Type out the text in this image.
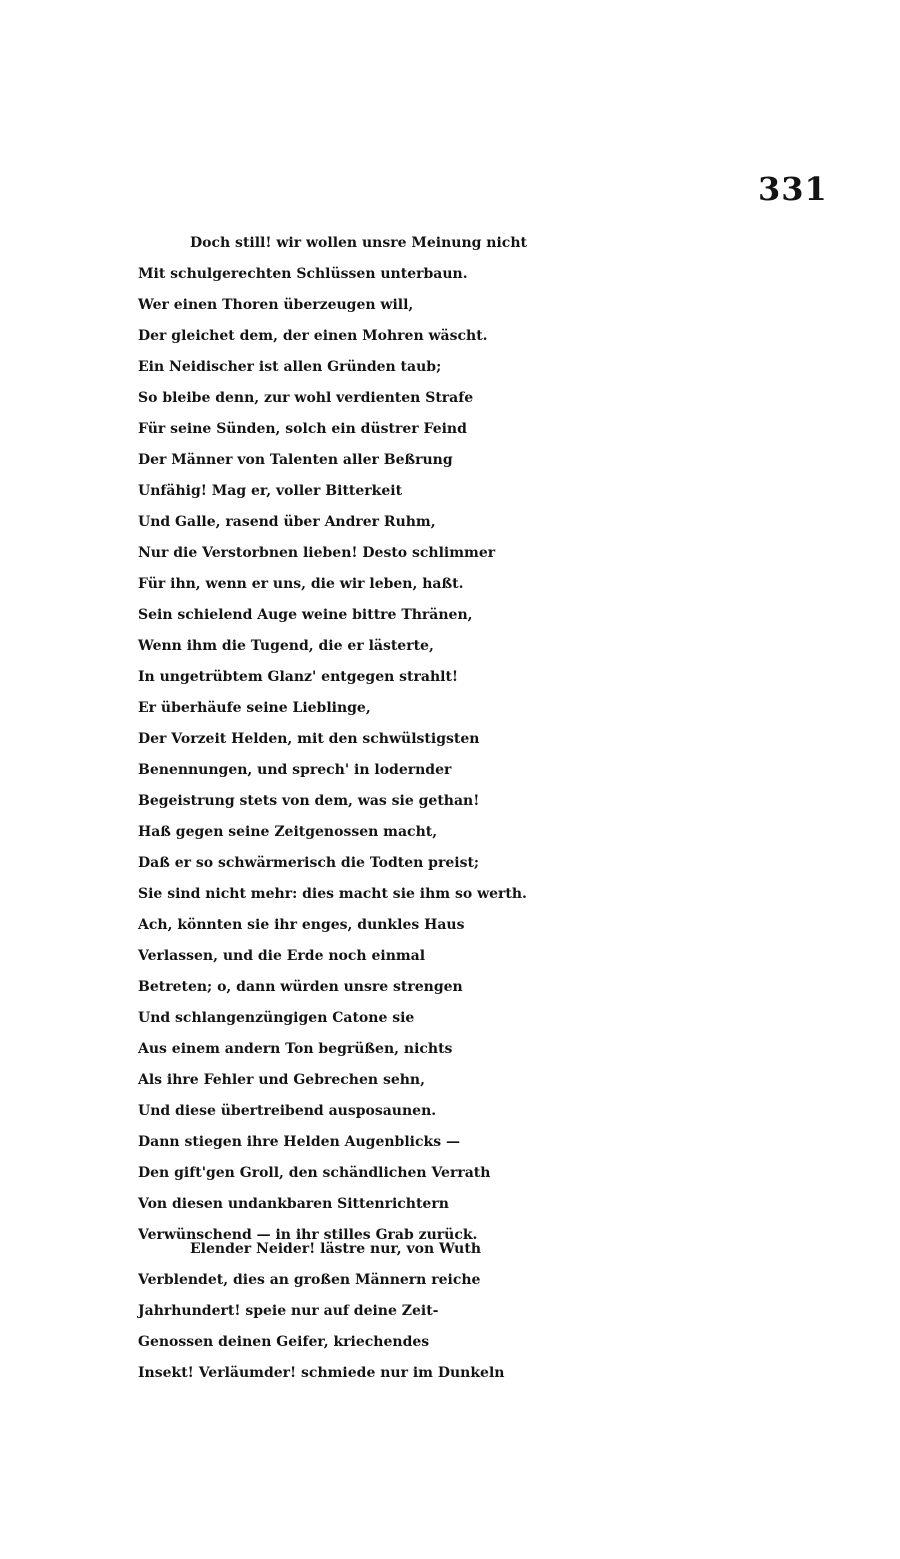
331
Doch still! wir wollen unsre Meinung nicht
Mit schulgerechten Schlüssen unterbaun.
Wer einen Thoren überzeugen will,
Der gleichet dem, der einen Mohren wäscht.
Ein Neidischer ist allen Gründen taub;
So bleibe denn, zur wohl verdienten Strafe
Für seine Sünden, solch ein düstrer Feind
Der Männer von Talenten aller Beßrung
Unfähig! Mag er, voller Bitterkeit
Und Galle, rasend über Andrer Ruhm,
Nur die Verstorbnen lieben! Desto schlimmer
Für ihn, wenn er uns, die wir leben, haßt.
Sein schielend Auge weine bittre Thränen,
Wenn ihm die Tugend, die er lästerte,
In ungetrübtem Glanz' entgegen strahlt!
Er überhäufe seine Lieblinge,
Der Vorzeit Helden, mit den schwülstigsten
Benennungen, und sprech' in lodernder
Begeistrung stets von dem, was sie gethan!
Haß gegen seine Zeitgenossen macht,
Daß er so schwärmerisch die Todten preist;
Sie sind nicht mehr: dies macht sie ihm so werth.
Ach, könnten sie ihr enges, dunkles Haus
Verlassen, und die Erde noch einmal
Betreten; o, dann würden unsre strengen
Und schlangenzüngigen Catone sie
Aus einem andern Ton begrüßen, nichts
Als ihre Fehler und Gebrechen sehn,
Und diese übertreibend ausposaunen.
Dann stiegen ihre Helden Augenblicks —
Den gift'gen Groll, den schändlichen Verrath
Von diesen undankbaren Sittenrichtern
Verwünschend — in ihr stilles Grab zurück.
Elender Neider! lästre nur, von Wuth
Verblendet, dies an großen Männern reiche
Jahrhundert! speie nur auf deine Zeit-
Genossen deinen Geifer, kriechendes
Insekt! Verläumder! schmiede nur im Dunkeln
